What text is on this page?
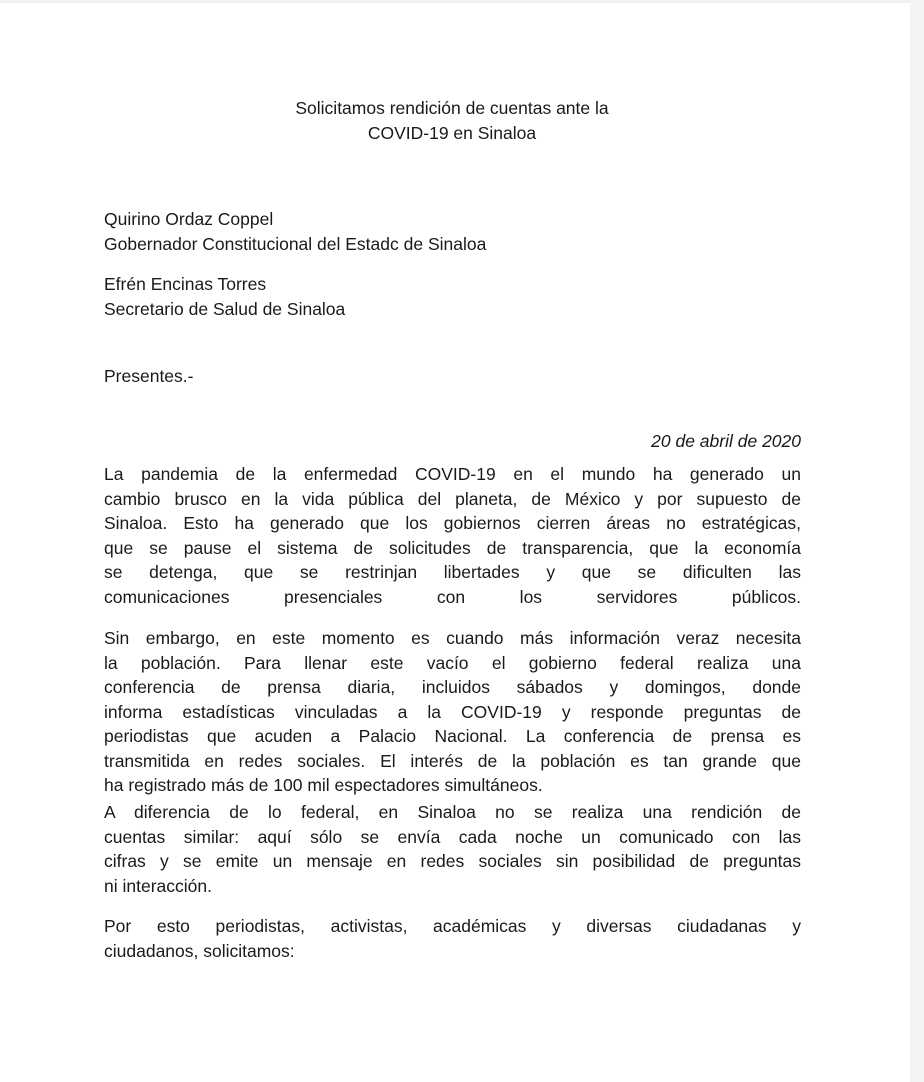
Solicitamos rendición de cuentas ante la
COVID-19 en Sinaloa
Quirino Ordaz Coppel
Gobernador Constitucional del Estadc de Sinaloa
Efrén Encinas Torres
Secretario de Salud de Sinaloa
Presentes.-
20 de abril de 2020
La pandemia de la enfermedad COVID-19 en el mundo ha generado un
cambio brusco en la vida pública del planeta, de México y por supuesto de
Sinaloa. Esto ha generado que los gobiernos cierren áreas no estratégicas,
que se pause el sistema de solicitudes de transparencia, que la economía
se detenga, que se restrinjan libertades y que se dificulten las
comunicaciones presenciales con los servidores públicos.
Sin embargo, en este momento es cuando más información veraz necesita
la población. Para llenar este vacío el gobierno federal realiza una
conferencia de prensa diaria, incluidos sábados y domingos, donde
informa estadísticas vinculadas a la COVID-19 y responde preguntas de
periodistas que acuden a Palacio Nacional. La conferencia de prensa es
transmitida en redes sociales. El interés de la población es tan grande que
ha registrado más de 100 mil espectadores simultáneos.
A diferencia de lo federal, en Sinaloa no se realiza una rendición de
cuentas similar: aquí sólo se envía cada noche un comunicado con las
cifras y se emite un mensaje en redes sociales sin posibilidad de preguntas
ni interacción.
Por esto periodistas, activistas, académicas y diversas ciudadanas y
ciudadanos, solicitamos:
